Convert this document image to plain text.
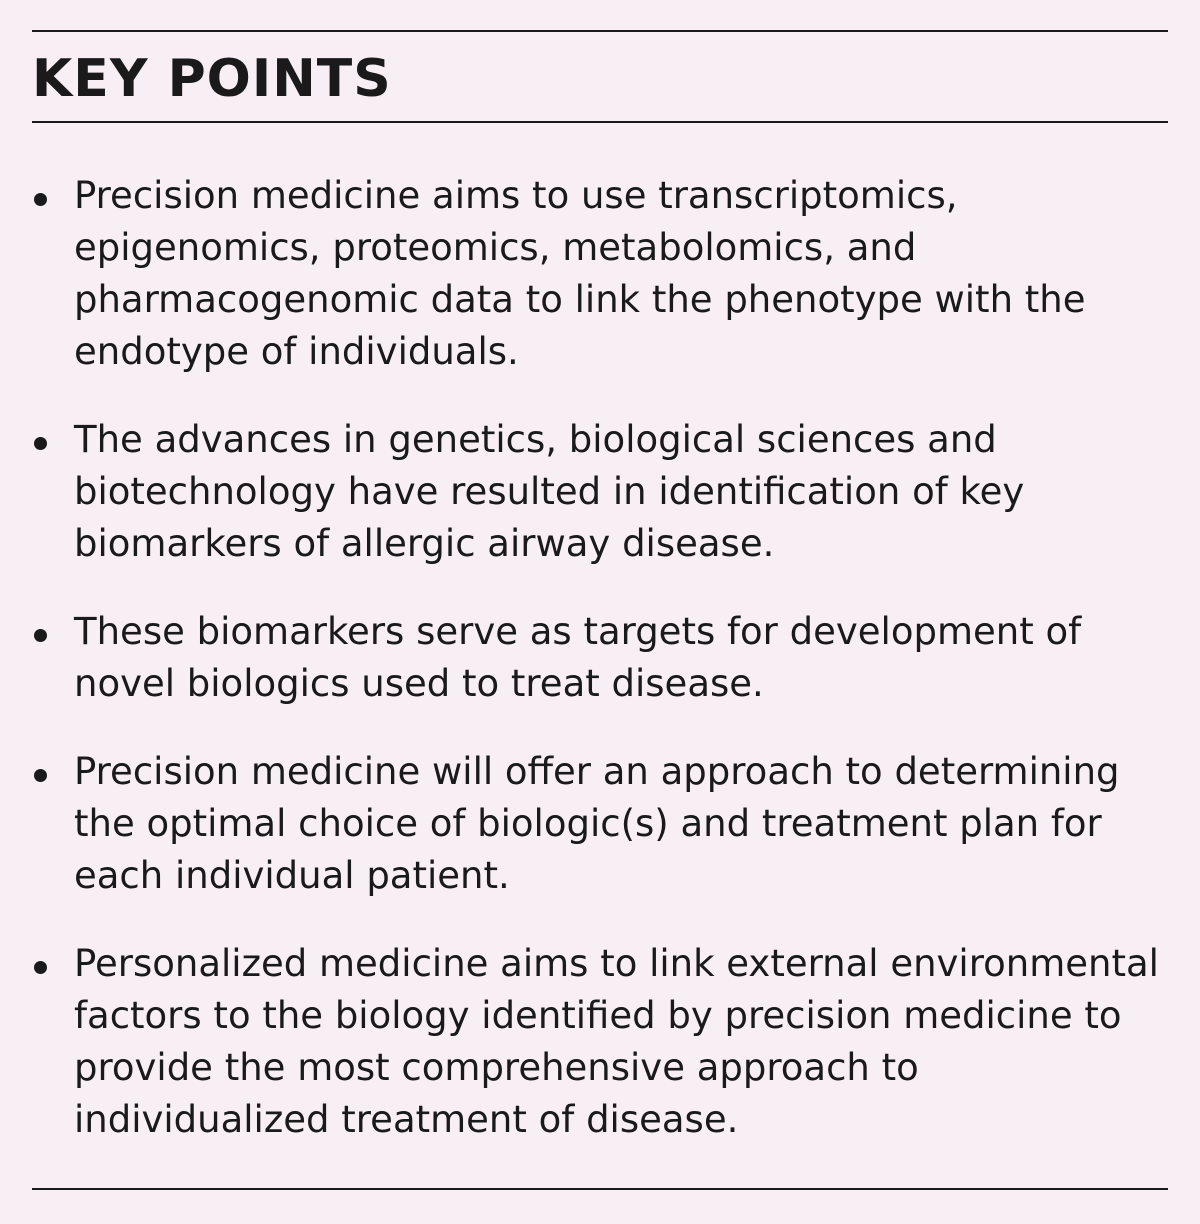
KEY POINTS
Precision medicine aims to use transcriptomics, epigenomics, proteomics, metabolomics, and pharmacogenomic data to link the phenotype with the endotype of individuals.
The advances in genetics, biological sciences and biotechnology have resulted in identification of key biomarkers of allergic airway disease.
These biomarkers serve as targets for development of novel biologics used to treat disease.
Precision medicine will offer an approach to determining the optimal choice of biologic(s) and treatment plan for each individual patient.
Personalized medicine aims to link external environmental factors to the biology identified by precision medicine to provide the most comprehensive approach to individualized treatment of disease.
